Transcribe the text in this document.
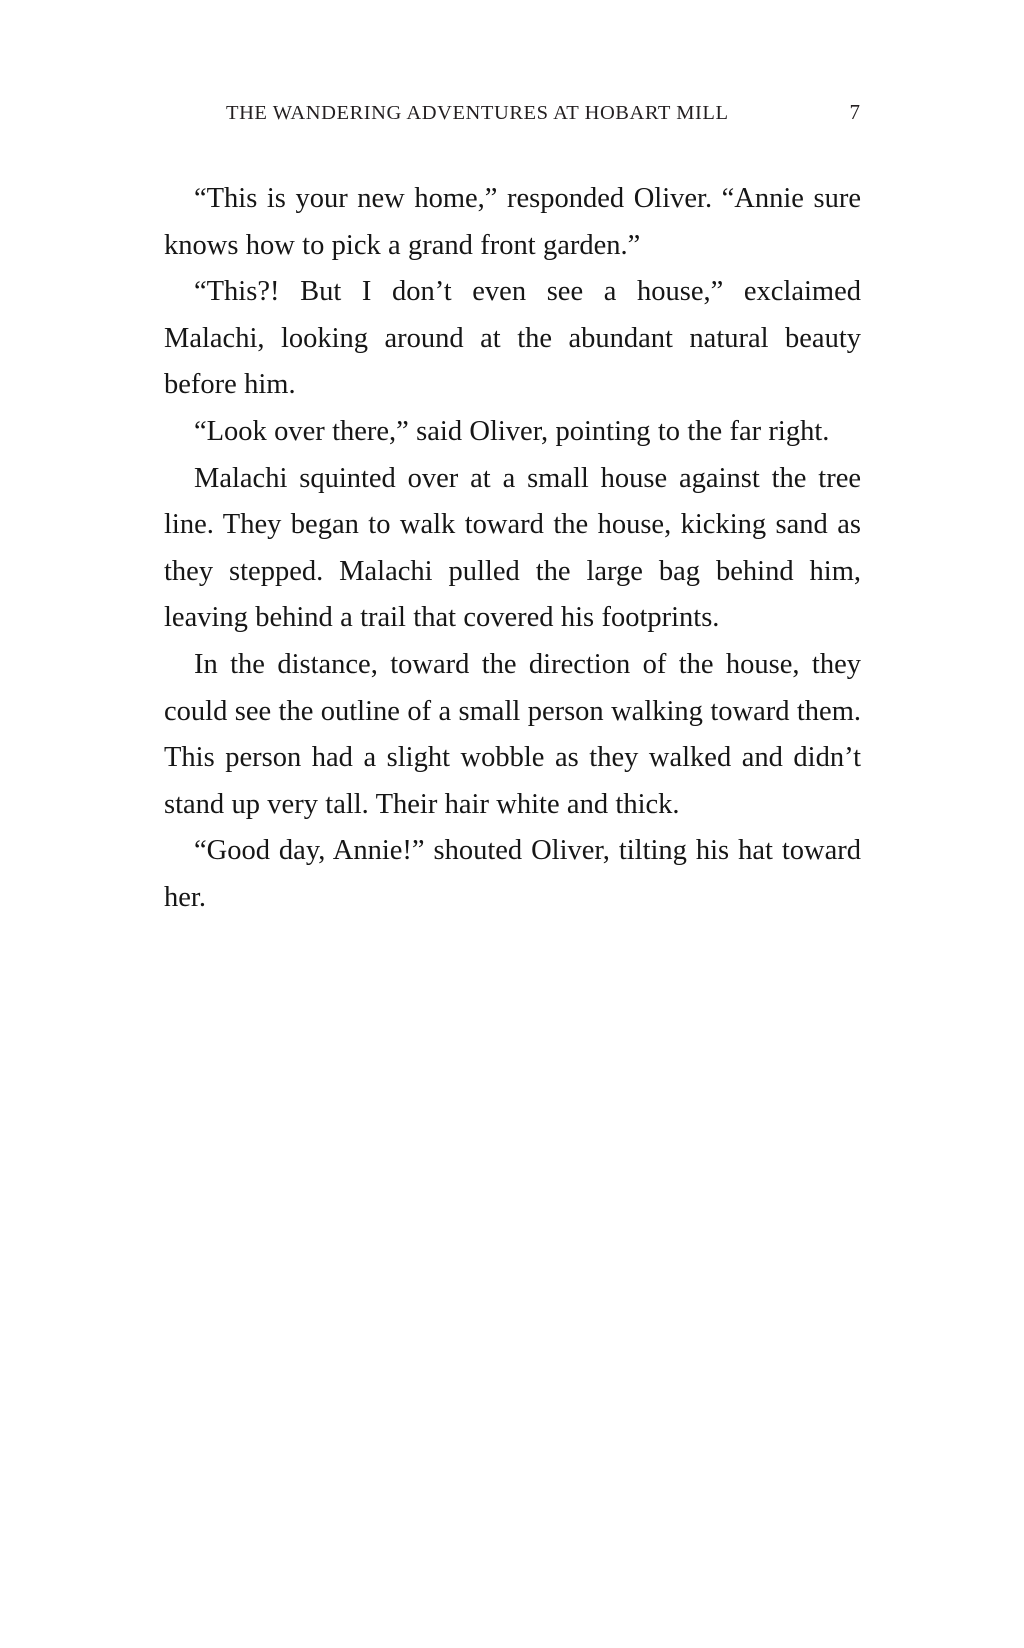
THE WANDERING ADVENTURES AT HOBART MILL	7

“This is your new home,” responded Oliver. “Annie sure knows how to pick a grand front garden.”

“This?! But I don’t even see a house,” exclaimed Malachi, looking around at the abundant natural beauty before him.

“Look over there,” said Oliver, pointing to the far right.

Malachi squinted over at a small house against the tree line. They began to walk toward the house, kicking sand as they stepped. Malachi pulled the large bag behind him, leaving behind a trail that covered his footprints.

In the distance, toward the direction of the house, they could see the outline of a small person walking toward them. This person had a slight wobble as they walked and didn’t stand up very tall. Their hair white and thick.

“Good day, Annie!” shouted Oliver, tilting his hat toward her.
